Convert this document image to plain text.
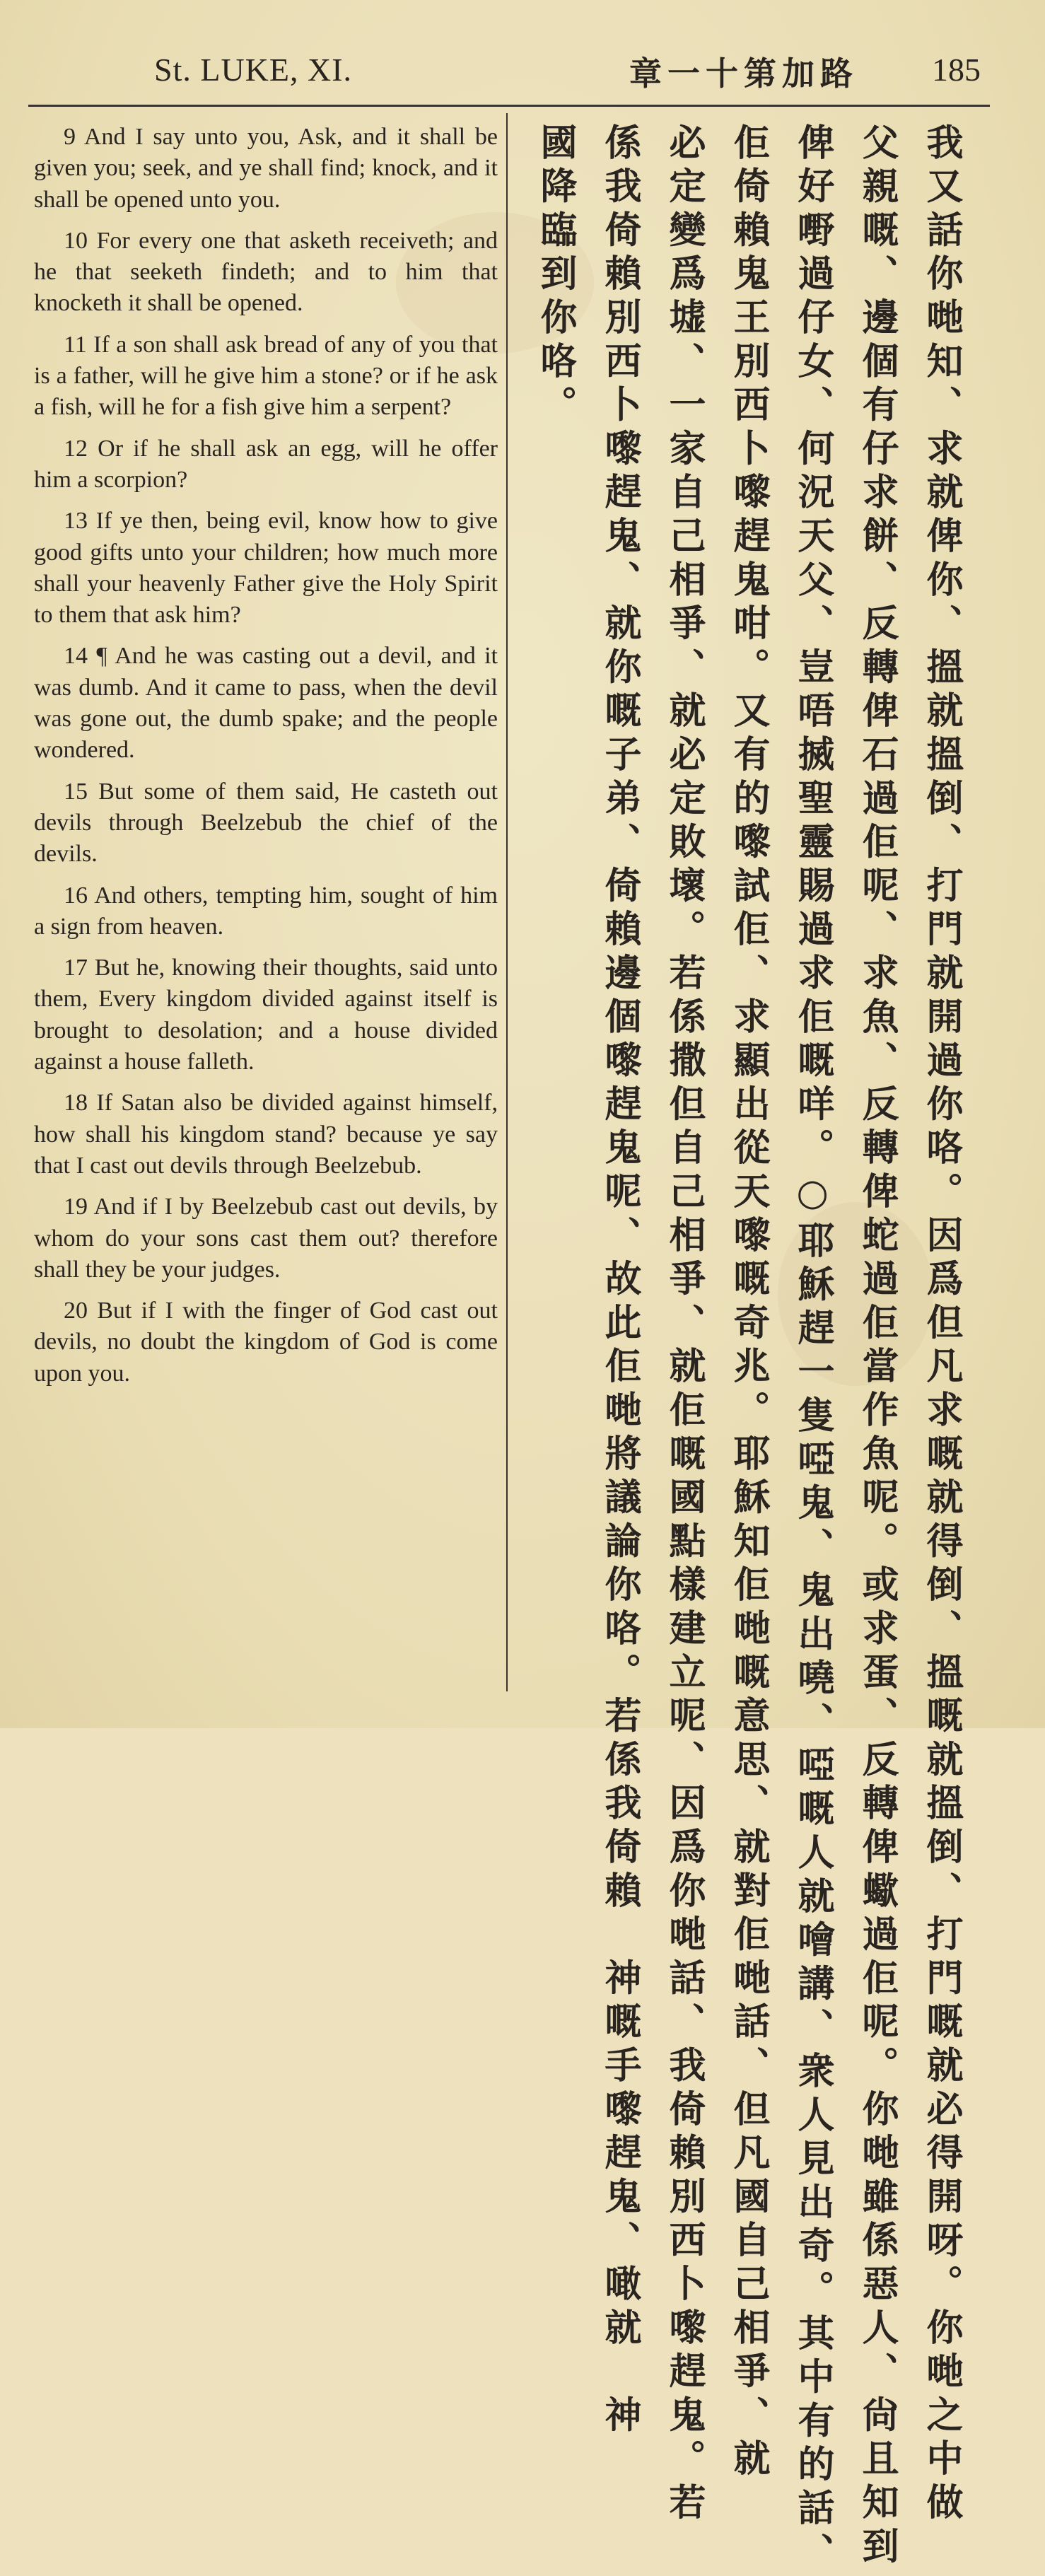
St. LUKE, XI.	章一十第加路 185

9 And I say unto you, Ask, and it shall be given you; seek, and ye shall find; knock, and it shall be opened unto you.

10 For every one that asketh receiveth; and he that seeketh findeth; and to him that knocketh it shall be opened.

11 If a son shall ask bread of any of you that is a father, will he give him a stone? or if he ask a fish, will he for a fish give him a serpent?

12 Or if he shall ask an egg, will he offer him a scorpion?

13 If ye then, being evil, know how to give good gifts unto your children; how much more shall your heavenly Father give the Holy Spirit to them that ask him?

14 ¶ And he was casting out a devil, and it was dumb. And it came to pass, when the devil was gone out, the dumb spake; and the people wondered.

15 But some of them said, He casteth out devils through Beelzebub the chief of the devils.

16 And others, tempting him, sought of him a sign from heaven.

17 But he, knowing their thoughts, said unto them, Every kingdom divided against itself is brought to desolation; and a house divided against a house falleth.

18 If Satan also be divided against himself, how shall his kingdom stand? because ye say that I cast out devils through Beelzebub.

19 And if I by Beelzebub cast out devils, by whom do your sons cast them out? therefore shall they be your judges.

20 But if I with the finger of God cast out devils, no doubt the kingdom of God is come upon you.	我又話你哋知、求就俾你、搵就搵倒、打門就開過你咯。因爲但凡求嘅就得倒、搵嘅就搵倒、打門嘅就必得開呀。你哋之中做
父親嘅、邊個有仔求餅、反轉俾石過佢呢、求魚、反轉俾蛇過佢當作魚呢。或求蛋、反轉俾蠍過佢呢。你哋雖係惡人、尙且知到
俾好嘢過仔女、何況天父、豈唔搣聖靈賜過求佢嘅咩。○耶穌趕一隻啞鬼、鬼出嘵、啞嘅人就噲講、衆人見出奇。其中有的話、
佢倚賴鬼王別西卜嚟趕鬼咁。又有的嚟試佢、求顯出從天嚟嘅奇兆。耶穌知佢哋嘅意思、就對佢哋話、但凡國自己相爭、就
必定變爲墟、一家自己相爭、就必定敗壞。若係撒但自己相爭、就佢嘅國點樣建立呢、因爲你哋話、我倚賴別西卜嚟趕鬼。若
係我倚賴別西卜嚟趕鬼、就你嘅子弟、倚賴邊個嚟趕鬼呢、故此佢哋將議論你咯。若係我倚賴　神嘅手嚟趕鬼、噉就　神
國降臨到你咯。
